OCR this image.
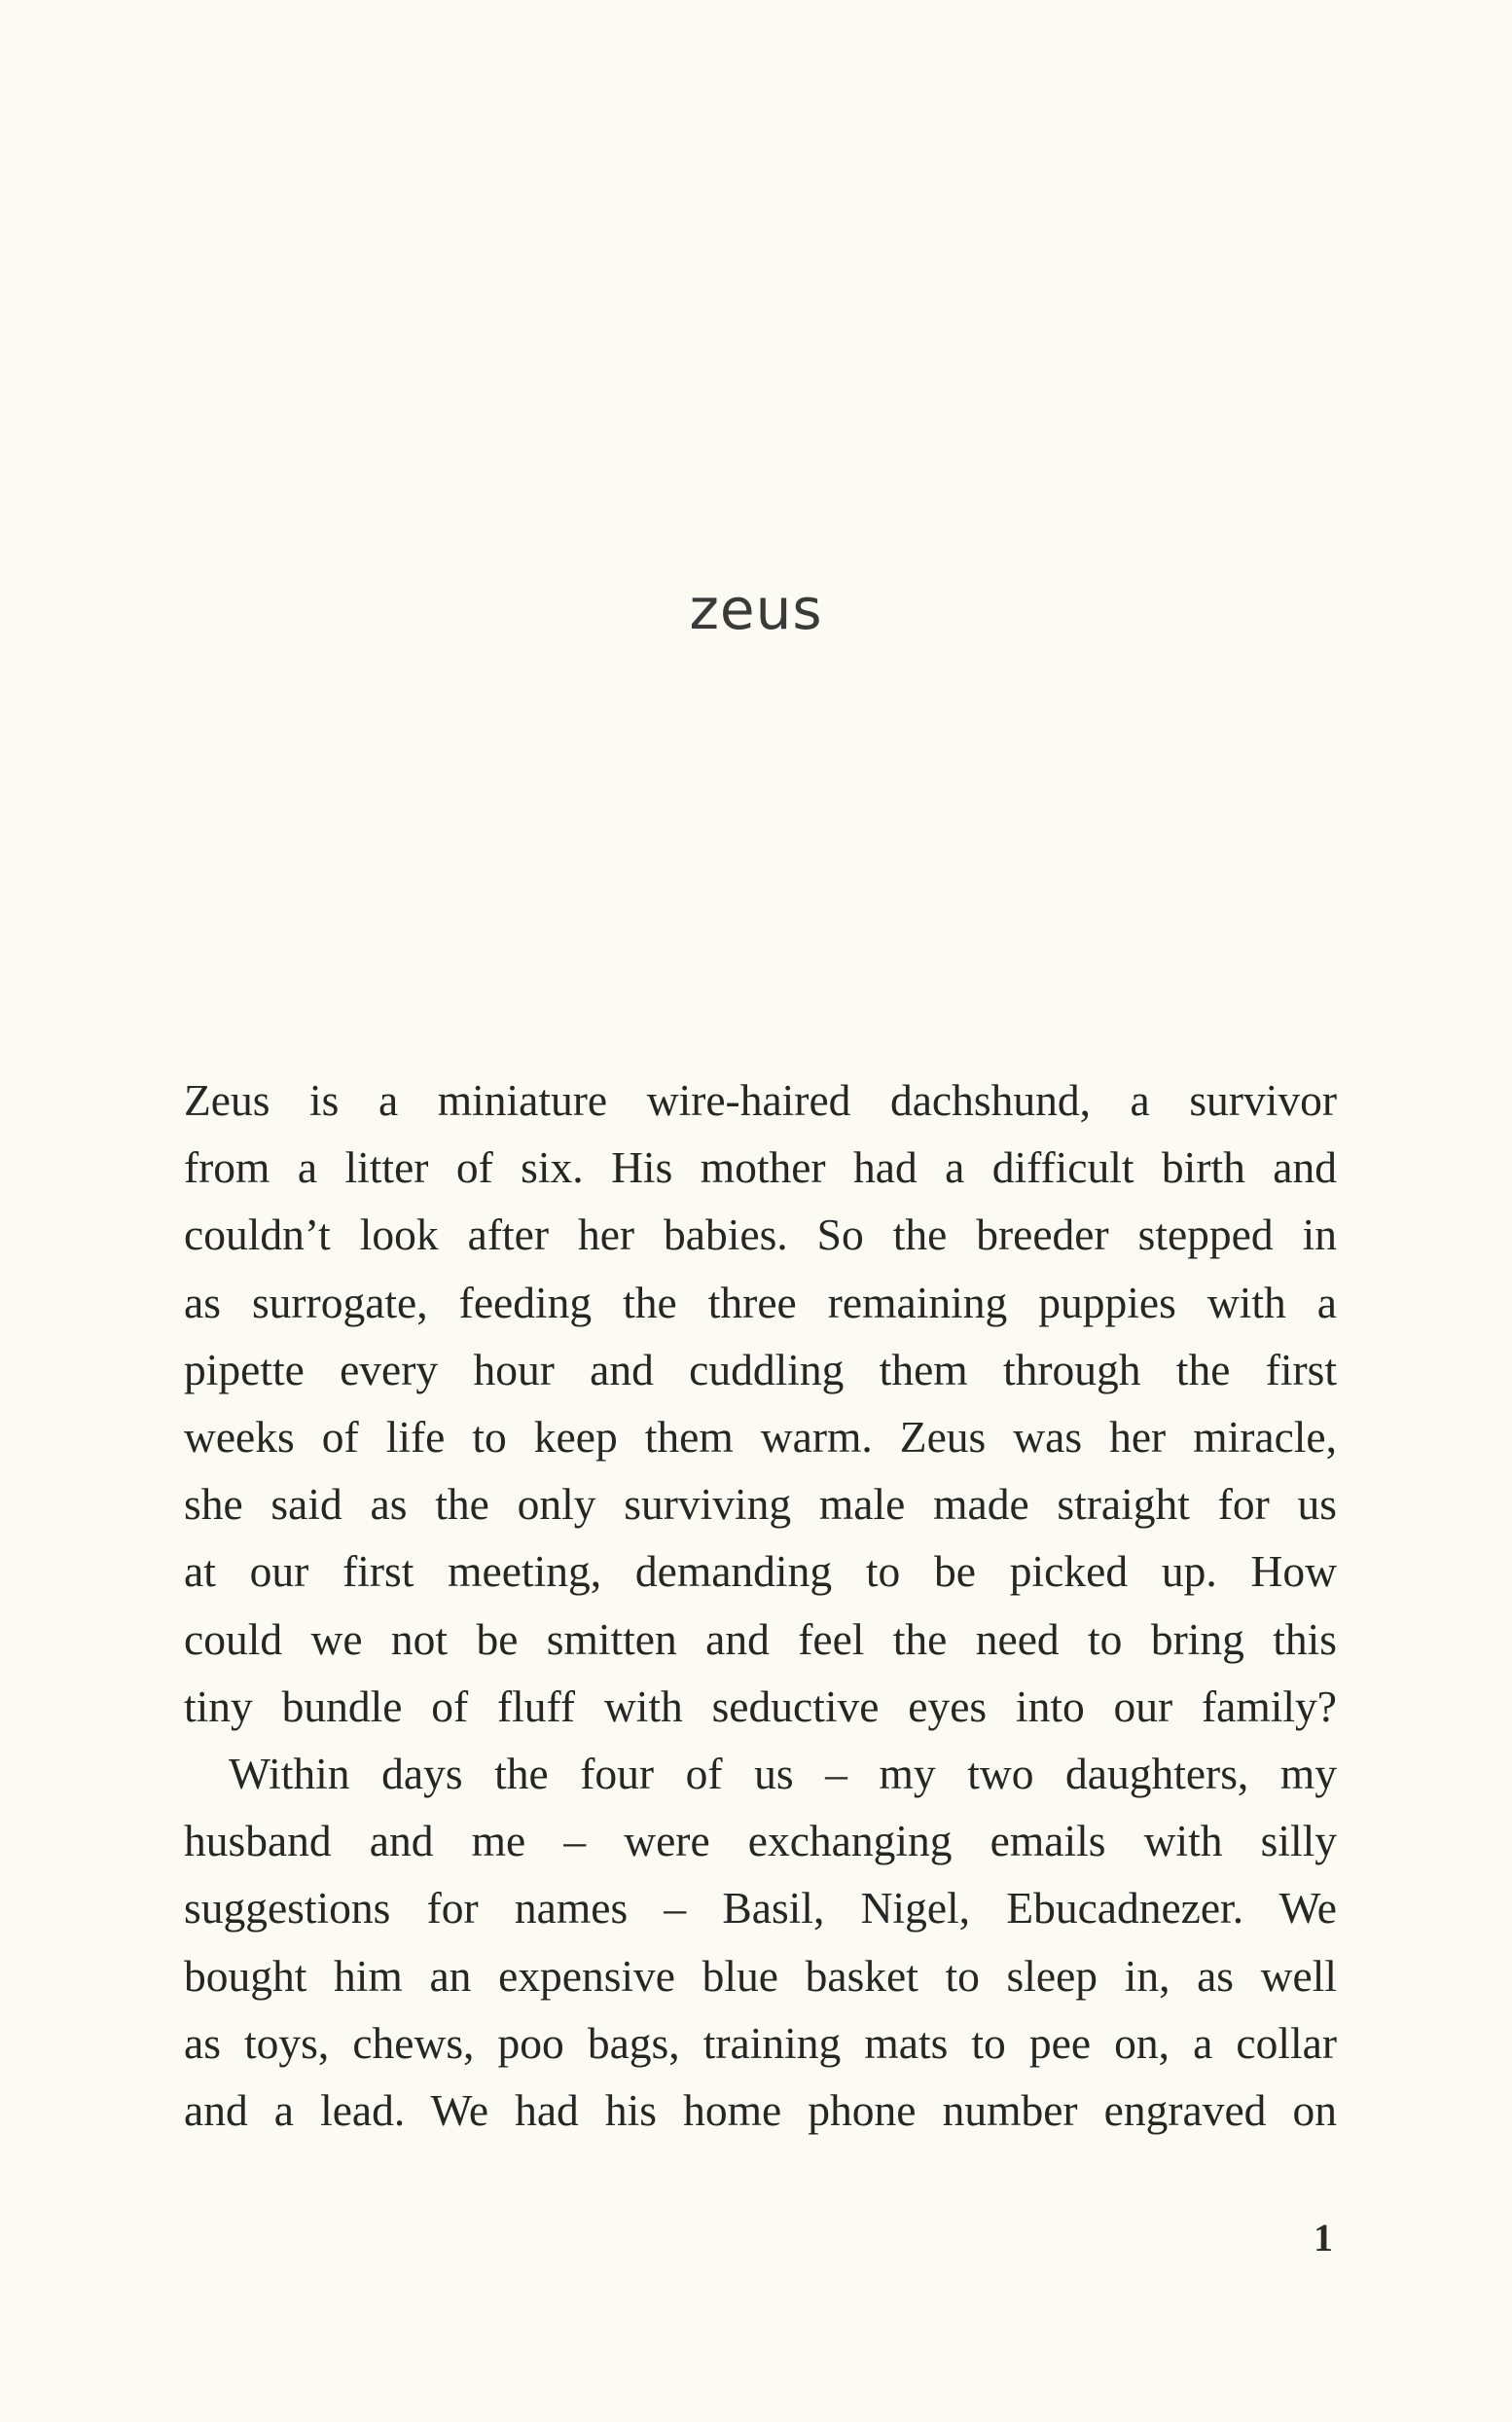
zeus

Zeus is a miniature wire-haired dachshund, a survivor
from a litter of six. His mother had a difficult birth and
couldn’t look after her babies. So the breeder stepped in
as surrogate, feeding the three remaining puppies with a
pipette every hour and cuddling them through the first
weeks of life to keep them warm. Zeus was her miracle,
she said as the only surviving male made straight for us
at our first meeting, demanding to be picked up. How
could we not be smitten and feel the need to bring this
tiny bundle of fluff with seductive eyes into our family?

Within days the four of us – my two daughters, my
husband and me – were exchanging emails with silly
suggestions for names – Basil, Nigel, Ebucadnezer. We
bought him an expensive blue basket to sleep in, as well
as toys, chews, poo bags, training mats to pee on, a collar
and a lead. We had his home phone number engraved on

1
